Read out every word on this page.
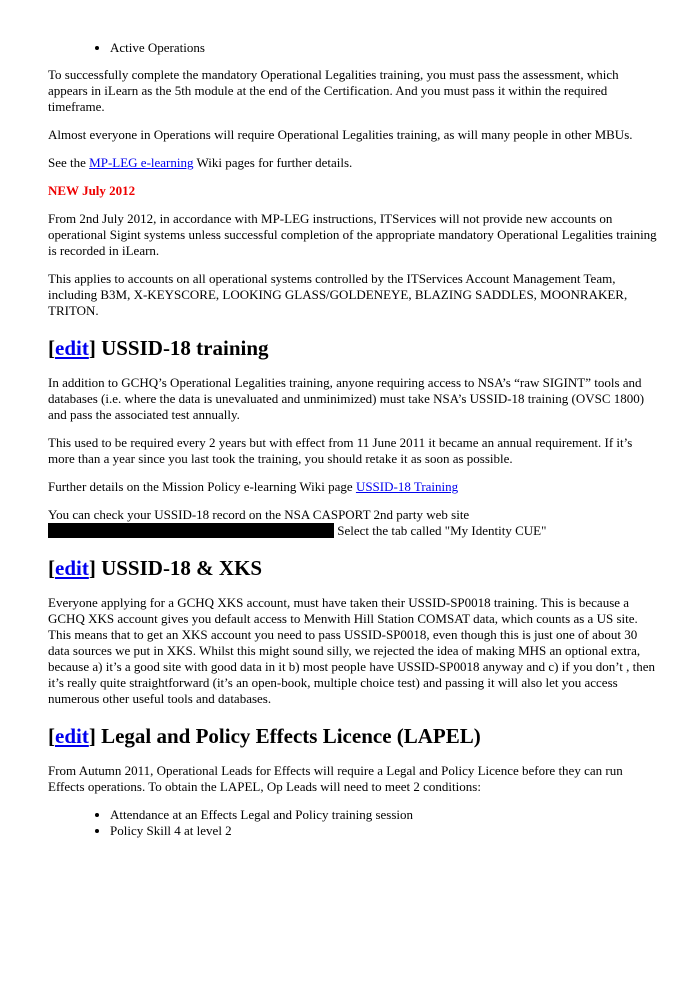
• Active Operations

To successfully complete the mandatory Operational Legalities training, you must pass the assessment, which appears in iLearn as the 5th module at the end of the Certification. And you must pass it within the required timeframe.

Almost everyone in Operations will require Operational Legalities training, as will many people in other MBUs.

See the MP-LEG e-learning Wiki pages for further details.

NEW July 2012

From 2nd July 2012, in accordance with MP-LEG instructions, ITServices will not provide new accounts on operational Sigint systems unless successful completion of the appropriate mandatory Operational Legalities training is recorded in iLearn.

This applies to accounts on all operational systems controlled by the ITServices Account Management Team, including B3M, X-KEYSCORE, LOOKING GLASS/GOLDENEYE, BLAZING SADDLES, MOONRAKER, TRITON.

[edit] USSID-18 training

In addition to GCHQ’s Operational Legalities training, anyone requiring access to NSA’s “raw SIGINT” tools and databases (i.e. where the data is unevaluated and unminimized) must take NSA’s USSID-18 training (OVSC 1800) and pass the associated test annually.

This used to be required every 2 years but with effect from 11 June 2011 it became an annual requirement. If it’s more than a year since you last took the training, you should retake it as soon as possible.

Further details on the Mission Policy e-learning Wiki page USSID-18 Training

You can check your USSID-18 record on the NSA CASPORT 2nd party web site
Select the tab called "My Identity CUE"

[edit] USSID-18 & XKS

Everyone applying for a GCHQ XKS account, must have taken their USSID-SP0018 training. This is because a GCHQ XKS account gives you default access to Menwith Hill Station COMSAT data, which counts as a US site. This means that to get an XKS account you need to pass USSID-SP0018, even though this is just one of about 30 data sources we put in XKS. Whilst this might sound silly, we rejected the idea of making MHS an optional extra, because a) it’s a good site with good data in it b) most people have USSID-SP0018 anyway and c) if you don’t , then it’s really quite straightforward (it’s an open-book, multiple choice test) and passing it will also let you access numerous other useful tools and databases.

[edit] Legal and Policy Effects Licence (LAPEL)

From Autumn 2011, Operational Leads for Effects will require a Legal and Policy Licence before they can run Effects operations. To obtain the LAPEL, Op Leads will need to meet 2 conditions:

• Attendance at an Effects Legal and Policy training session
• Policy Skill 4 at level 2
